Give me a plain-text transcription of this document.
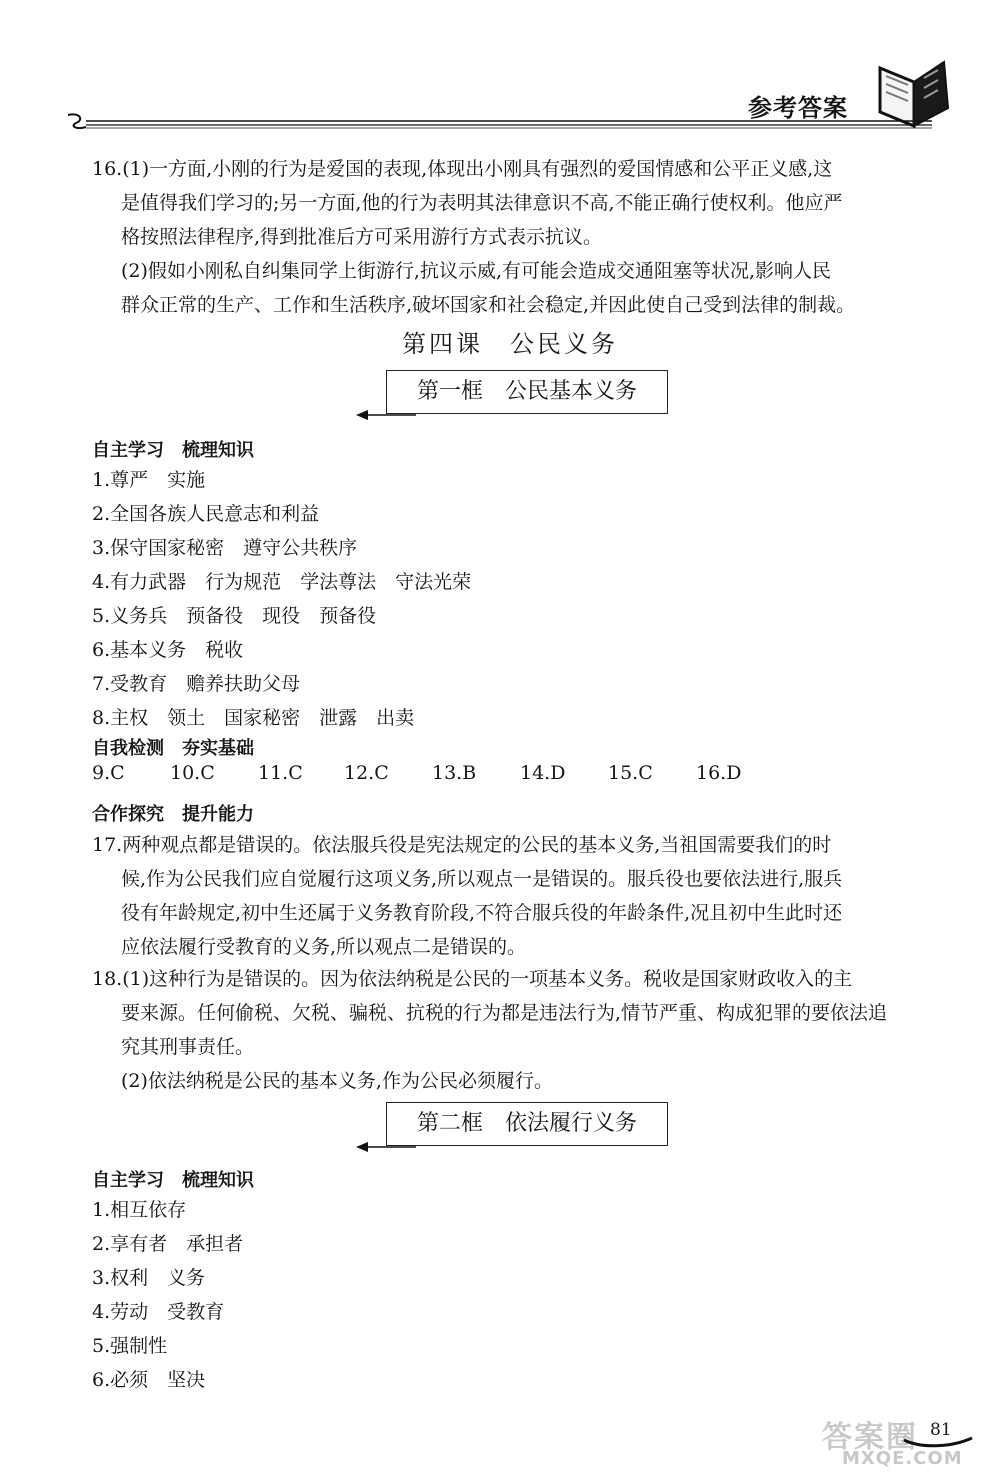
参考答案
16.(1)一方面,小刚的行为是爱国的表现,体现出小刚具有强烈的爱国情感和公平正义感,这
是值得我们学习的;另一方面,他的行为表明其法律意识不高,不能正确行使权利。他应严
格按照法律程序,得到批准后方可采用游行方式表示抗议。
(2)假如小刚私自纠集同学上街游行,抗议示威,有可能会造成交通阻塞等状况,影响人民
群众正常的生产、工作和生活秩序,破坏国家和社会稳定,并因此使自己受到法律的制裁。
第四课　公民义务
第一框　公民基本义务
自主学习　梳理知识
1.尊严　实施
2.全国各族人民意志和利益
3.保守国家秘密　遵守公共秩序
4.有力武器　行为规范　学法尊法　守法光荣
5.义务兵　预备役　现役　预备役
6.基本义务　税收
7.受教育　赡养扶助父母
8.主权　领土　国家秘密　泄露　出卖
自我检测　夯实基础
9.C 10.C 11.C 12.C 13.B 14.D 15.C 16.D
合作探究　提升能力
17.两种观点都是错误的。依法服兵役是宪法规定的公民的基本义务,当祖国需要我们的时
候,作为公民我们应自觉履行这项义务,所以观点一是错误的。服兵役也要依法进行,服兵
役有年龄规定,初中生还属于义务教育阶段,不符合服兵役的年龄条件,况且初中生此时还
应依法履行受教育的义务,所以观点二是错误的。
18.(1)这种行为是错误的。因为依法纳税是公民的一项基本义务。税收是国家财政收入的主
要来源。任何偷税、欠税、骗税、抗税的行为都是违法行为,情节严重、构成犯罪的要依法追
究其刑事责任。
(2)依法纳税是公民的基本义务,作为公民必须履行。
第二框　依法履行义务
自主学习　梳理知识
1.相互依存
2.享有者　承担者
3.权利　义务
4.劳动　受教育
5.强制性
6.必须　坚决
答案圈
MXQE.COM
81
